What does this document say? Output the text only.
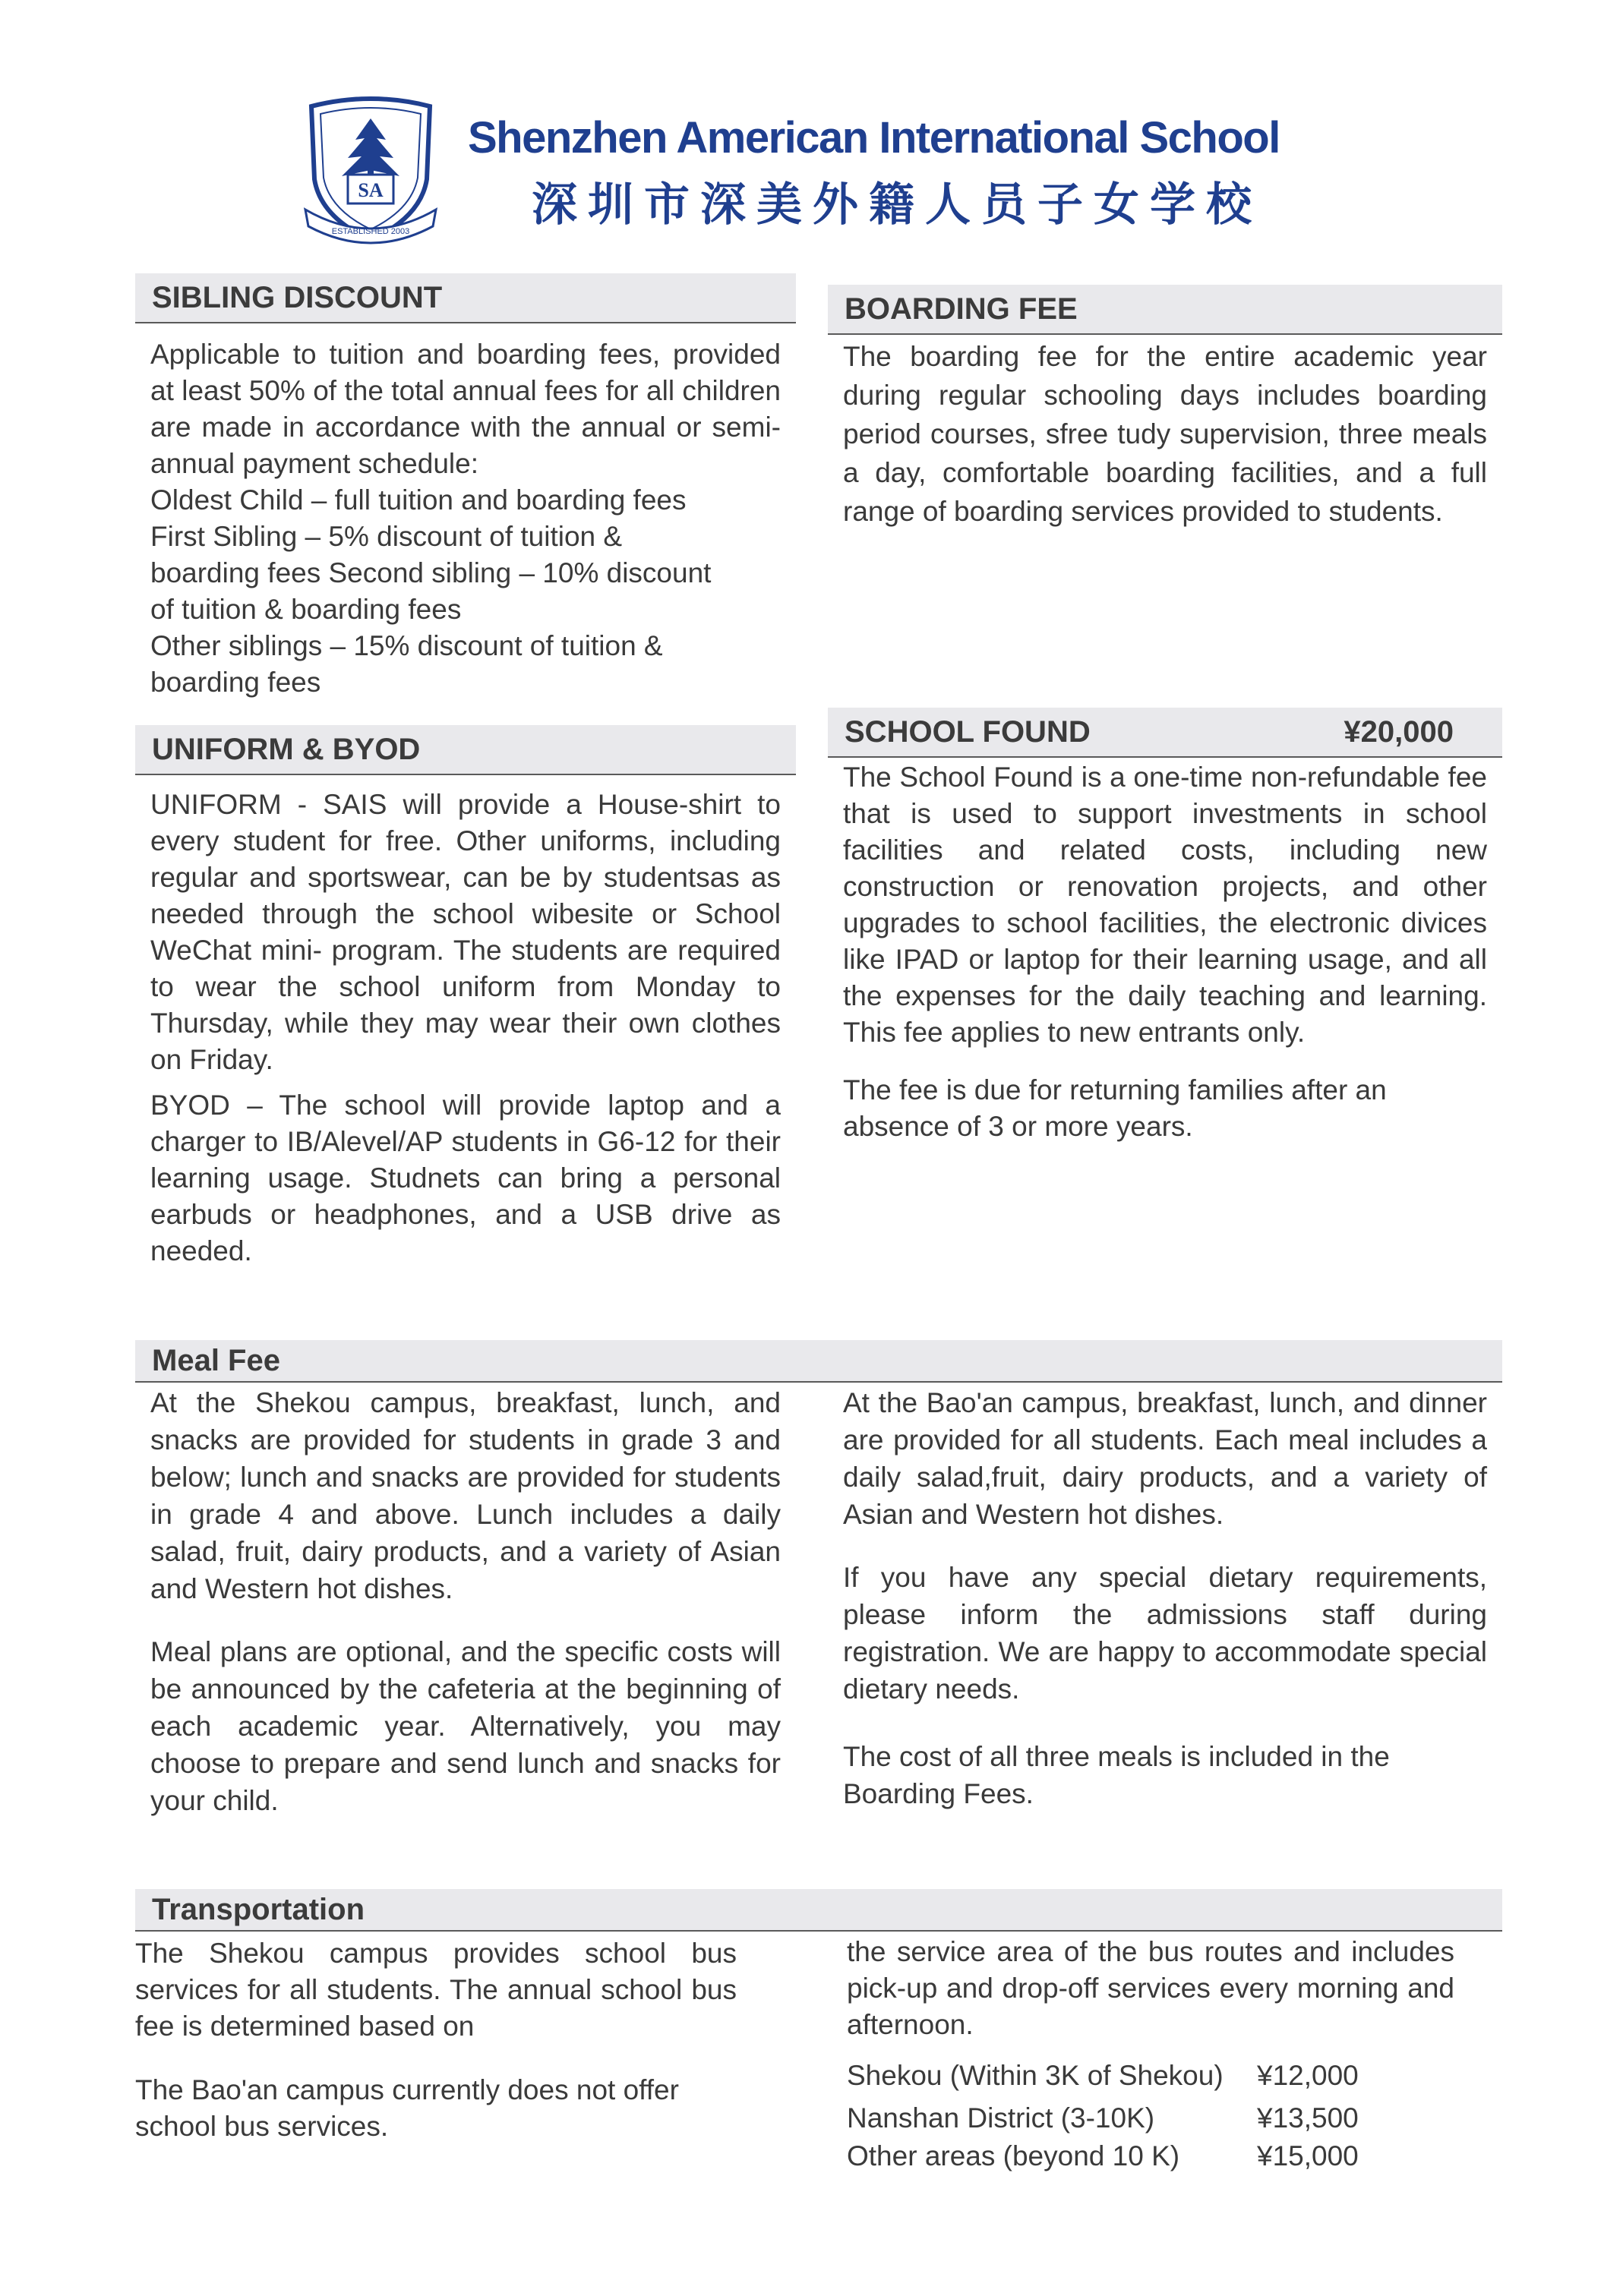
SA
ESTABLISHED 2003
Shenzhen American International School
深圳市深美外籍人员子女学校
SIBLING DISCOUNT

Applicable to tuition and boarding fees, provided at least 50% of the total annual fees for all children are made in accordance with the annual or semi-annual payment schedule:

Oldest Child – full tuition and boarding fees

First Sibling – 5% discount of tuition &

boarding fees Second sibling – 10% discount

of tuition & boarding fees

Other siblings – 15% discount of tuition &

boarding fees

BOARDING FEE
The boarding fee for the entire academic year during regular schooling days includes boarding period courses, sfree tudy supervision, three meals a day, comfortable boarding facilities, and a full range of boarding services provided to students.
UNIFORM & BYOD

UNIFORM - SAIS will provide a House-shirt to every student for free. Other uniforms, including regular and sportswear, can be by studentsas as needed through the school wibesite or School WeChat mini- program. The students are required to wear the school uniform from Monday to Thursday, while they may wear their own clothes on Friday.

BYOD – The school will provide laptop and a charger to IB/Alevel/AP students in G6-12 for their learning usage. Studnets can bring a personal earbuds or headphones, and a USB drive as needed.

SCHOOL FOUND	¥20,000

The School Found is a one-time non-refundable fee that is used to support investments in school facilities and related costs, including new construction or renovation projects, and other upgrades to school facilities, the electronic divices like IPAD or laptop for their learning usage, and all the expenses for the daily teaching and learning. This fee applies to new entrants only.

The fee is due for returning families after an absence of 3 or more years.

Meal Fee

At the Shekou campus, breakfast, lunch, and snacks are provided for students in grade 3 and below; lunch and snacks are provided for students in grade 4 and above. Lunch includes a daily salad, fruit, dairy products, and a variety of Asian and Western hot dishes.

Meal plans are optional, and the specific costs will be announced by the cafeteria at the beginning of each academic year. Alternatively, you may choose to prepare and send lunch and snacks for your child.

At the Bao'an campus, breakfast, lunch, and dinner are provided for all students. Each meal includes a daily salad,fruit, dairy products, and a variety of Asian and Western hot dishes.

If you have any special dietary requirements, please inform the admissions staff during registration. We are happy to accommodate special dietary needs.

The cost of all three meals is included in the Boarding Fees.

Transportation

The Shekou campus provides school bus services for all students. The annual school bus fee is determined based on

The Bao'an campus currently does not offer school bus services.

the service area of the bus routes and includes pick-up and drop-off services every morning and afternoon.

Shekou (Within 3K of Shekou)	¥12,000
Nanshan District (3-10K)	¥13,500
Other areas (beyond 10 K)	¥15,000
